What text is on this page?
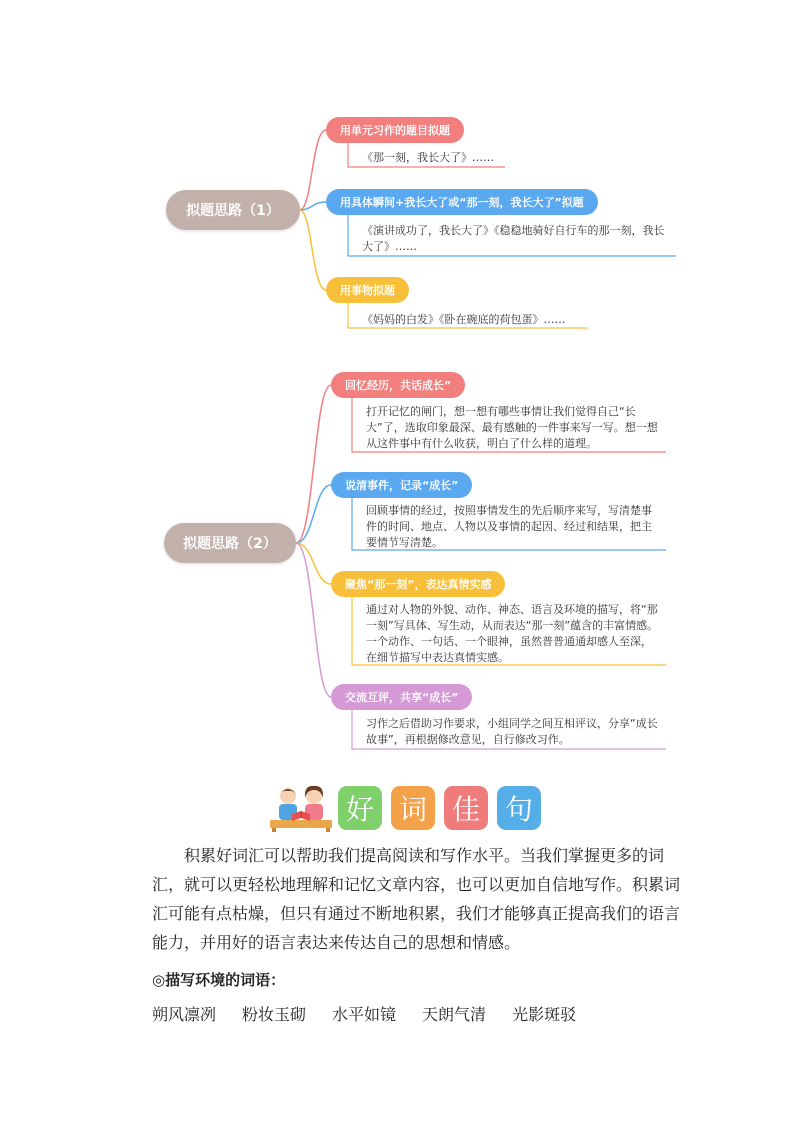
拟题思路（1）
用单元习作的题目拟题
《那一刻，我长大了》……
用具体瞬间+我长大了或“那一刻，我长大了”拟题
《演讲成功了，我长大了》《稳稳地骑好自行车的那一刻，我长大了》……
用事物拟题
《妈妈的白发》《卧在碗底的荷包蛋》……
拟题思路（2）
回忆经历，共话成长”
打开记忆的闸门，想一想有哪些事情让我们觉得自己“长大”了，选取印象最深、最有感触的一件事来写一写。想一想从这件事中有什么收获，明白了什么样的道理。
说清事件，记录“成长”
回顾事情的经过，按照事情发生的先后顺序来写，写清楚事件的时间、地点、人物以及事情的起因、经过和结果，把主要情节写清楚。
聚焦“那一刻”，表达真情实感
通过对人物的外貌、动作、神态、语言及环境的描写，将“那一刻”写具体、写生动，从而表达“那一刻”蕴含的丰富情感。一个动作、一句话、一个眼神，虽然普普通通却感人至深，在细节描写中表达真情实感。
交流互评，共享“成长”
习作之后借助习作要求，小组同学之间互相评议，分享“成长故事”，再根据修改意见，自行修改习作。
好 词 佳 句
积累好词汇可以帮助我们提高阅读和写作水平。当我们掌握更多的词汇，就可以更轻松地理解和记忆文章内容，也可以更加自信地写作。积累词汇可能有点枯燥，但只有通过不断地积累，我们才能够真正提高我们的语言能力，并用好的语言表达来传达自己的思想和情感。
◎描写环境的词语：
朔风凛冽 粉妆玉砌 水平如镜 天朗气清 光影斑驳
